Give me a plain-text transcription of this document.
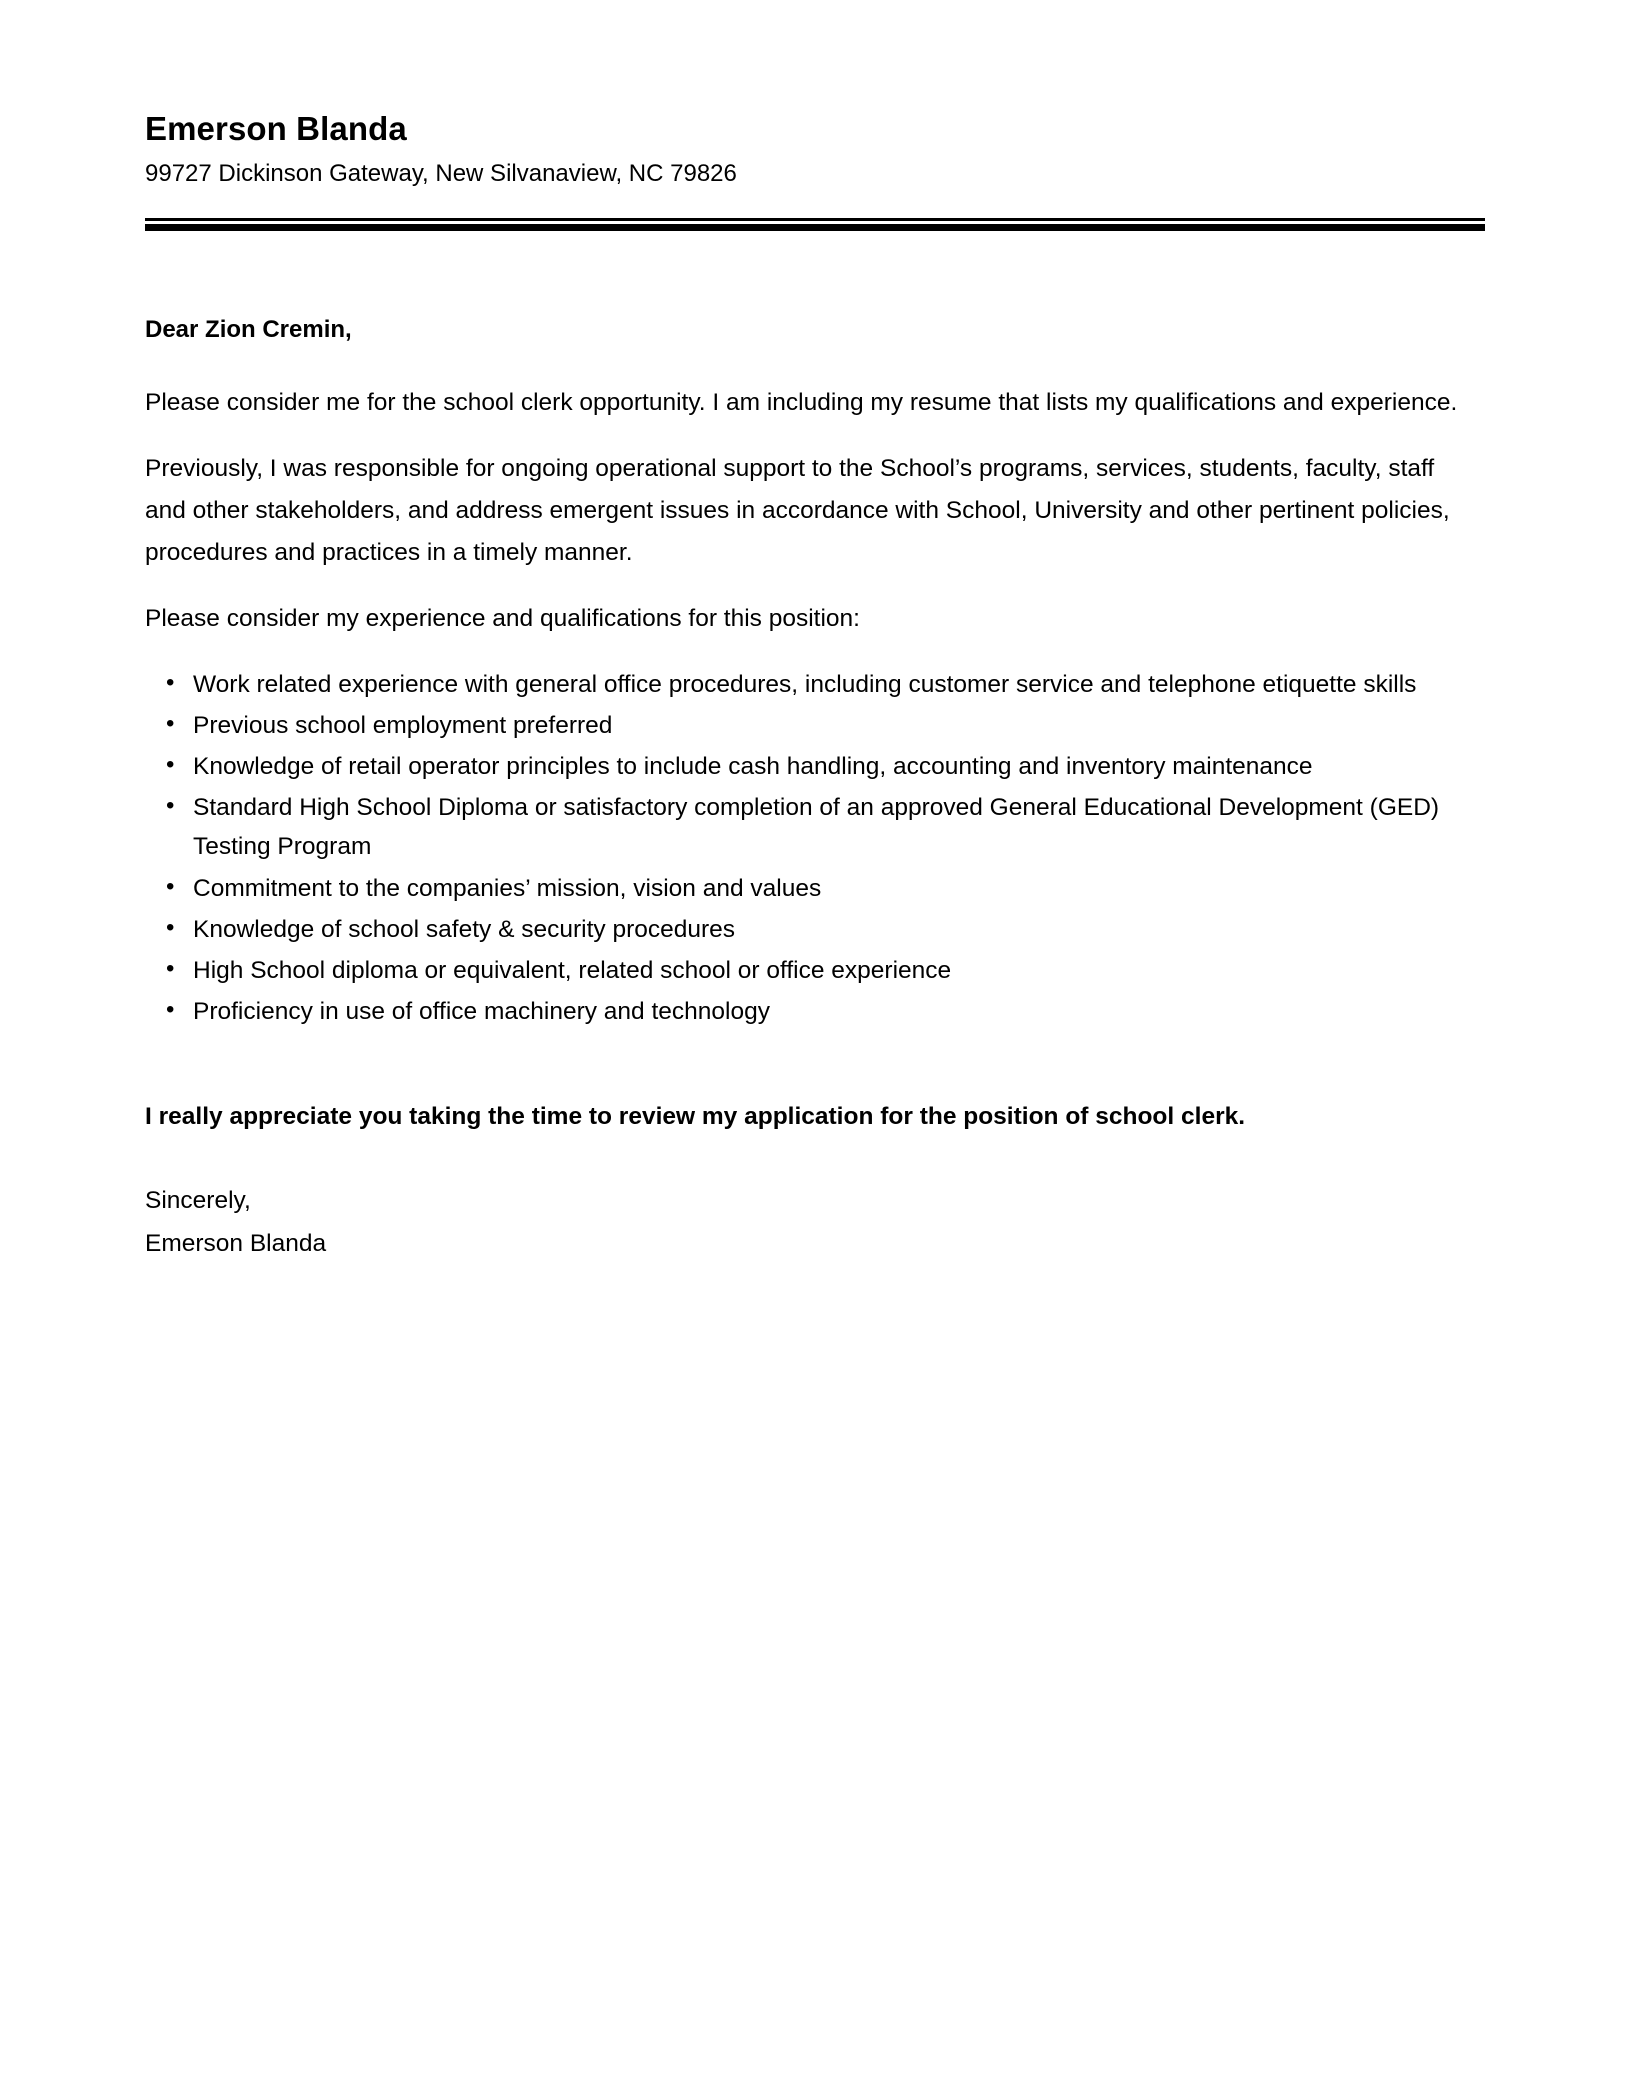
Emerson Blanda

99727 Dickinson Gateway, New Silvanaview, NC 79826

Dear Zion Cremin,

Please consider me for the school clerk opportunity. I am including my resume that lists my qualifications and experience.

Previously, I was responsible for ongoing operational support to the School’s programs, services, students, faculty, staff and other stakeholders, and address emergent issues in accordance with School, University and other pertinent policies, procedures and practices in a timely manner.

Please consider my experience and qualifications for this position:

• Work related experience with general office procedures, including customer service and telephone etiquette skills
• Previous school employment preferred
• Knowledge of retail operator principles to include cash handling, accounting and inventory maintenance
• Standard High School Diploma or satisfactory completion of an approved General Educational Development (GED) Testing Program
• Commitment to the companies’ mission, vision and values
• Knowledge of school safety & security procedures
• High School diploma or equivalent, related school or office experience
• Proficiency in use of office machinery and technology

I really appreciate you taking the time to review my application for the position of school clerk.

Sincerely,

Emerson Blanda
